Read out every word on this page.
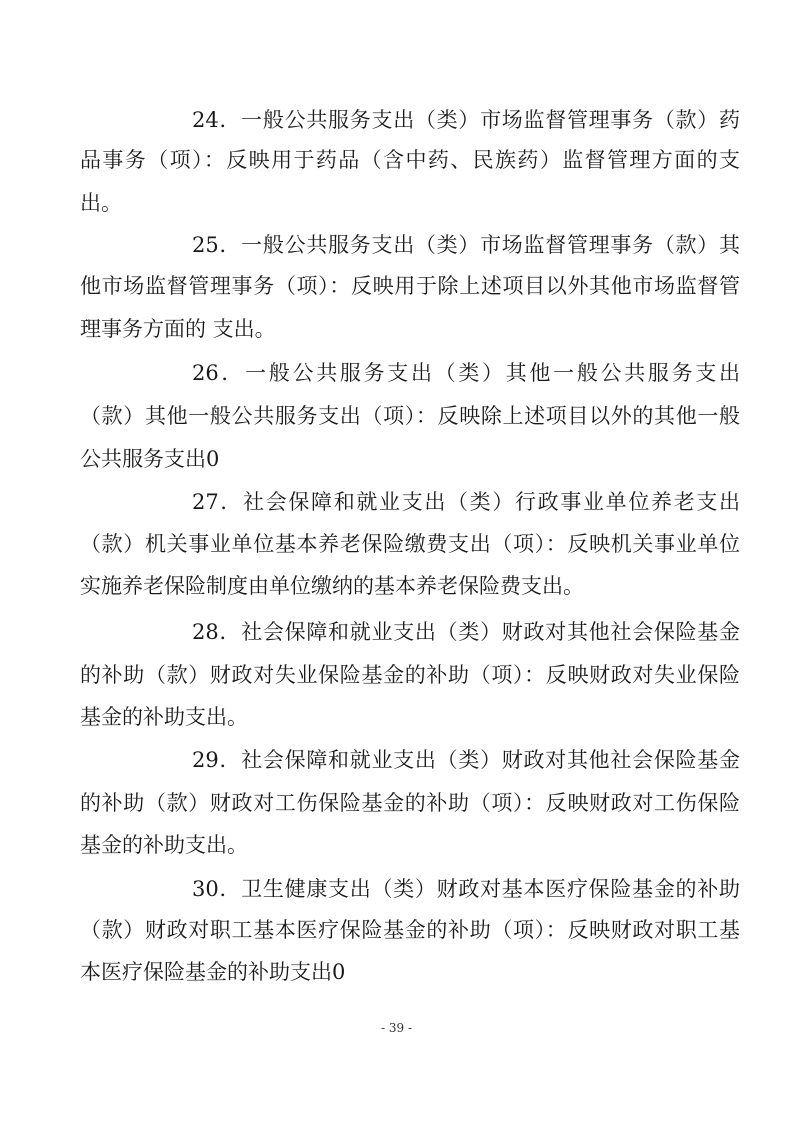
24．一般公共服务支出（类）市场监督管理事务（款）药
品事务（项）：反映用于药品（含中药、民族药）监督管理方面的支
出。
25．一般公共服务支出（类）市场监督管理事务（款）其
他市场监督管理事务（项）：反映用于除上述项目以外其他市场监督管
理事务方面的 支出。
26．一般公共服务支出（类）其他一般公共服务支出
（款）其他一般公共服务支出（项）：反映除上述项目以外的其他一般
公共服务支出0
27．社会保障和就业支出（类）行政事业单位养老支出
（款）机关事业单位基本养老保险缴费支出（项）：反映机关事业单位
实施养老保险制度由单位缴纳的基本养老保险费支出。
28．社会保障和就业支出（类）财政对其他社会保险基金
的补助（款）财政对失业保险基金的补助（项）：反映财政对失业保险
基金的补助支出。
29．社会保障和就业支出（类）财政对其他社会保险基金
的补助（款）财政对工伤保险基金的补助（项）：反映财政对工伤保险
基金的补助支出。
30．卫生健康支出（类）财政对基本医疗保险基金的补助
（款）财政对职工基本医疗保险基金的补助（项）：反映财政对职工基
本医疗保险基金的补助支出0
- 39 -
